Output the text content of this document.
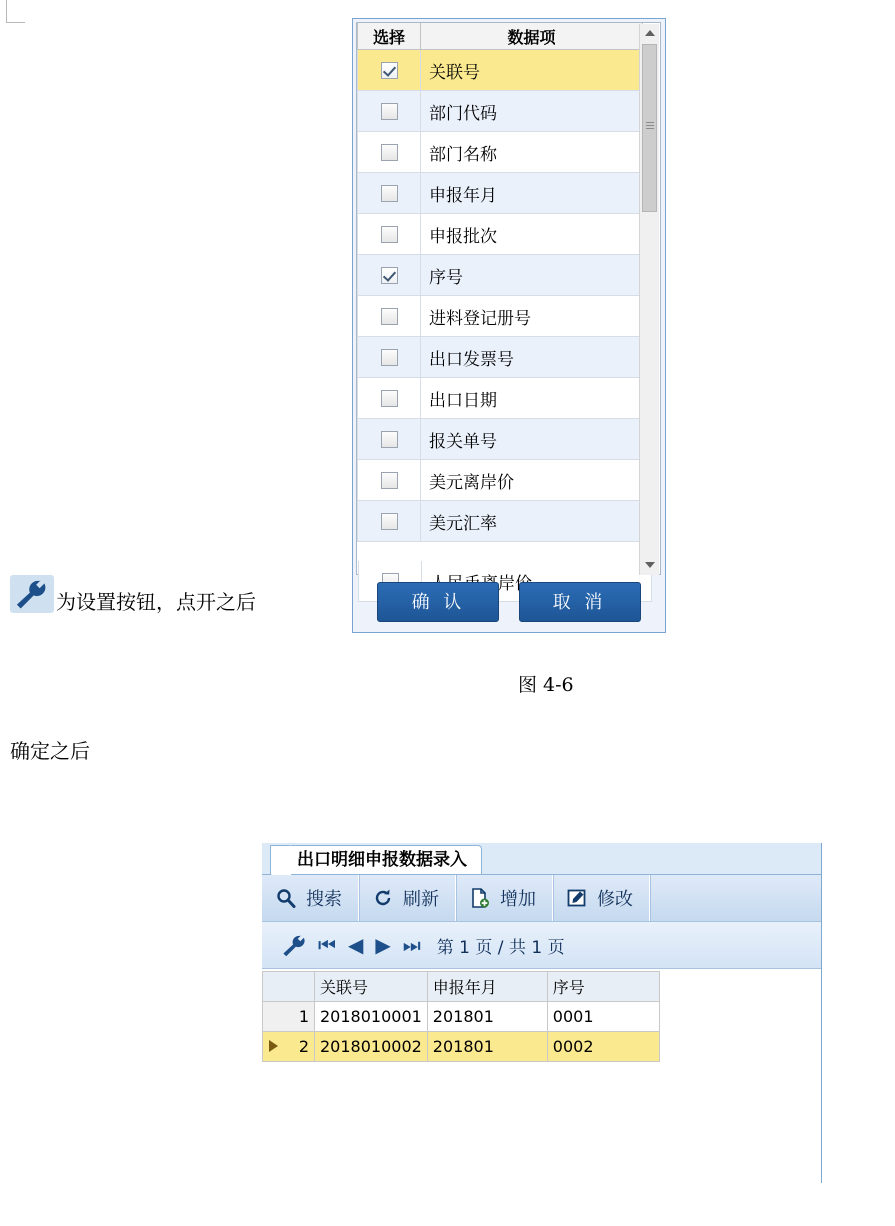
选择	数据项
	关联号
	部门代码
	部门名称
	申报年月
	申报批次
	序号
	进料登记册号
	出口发票号
	出口日期
	报关单号
	美元离岸价
	美元汇率

确 认	取 消
为设置按钮，点开之后
图 4-6
确定之后
出口明细申报数据录入
搜索	刷新	增加	修改
⏮ ◀ ▶ ⏭ 第 1 页 / 共 1 页
	关联号	申报年月	序号
1	2018010001	201801	0001

2	2018010002	201801	0002
